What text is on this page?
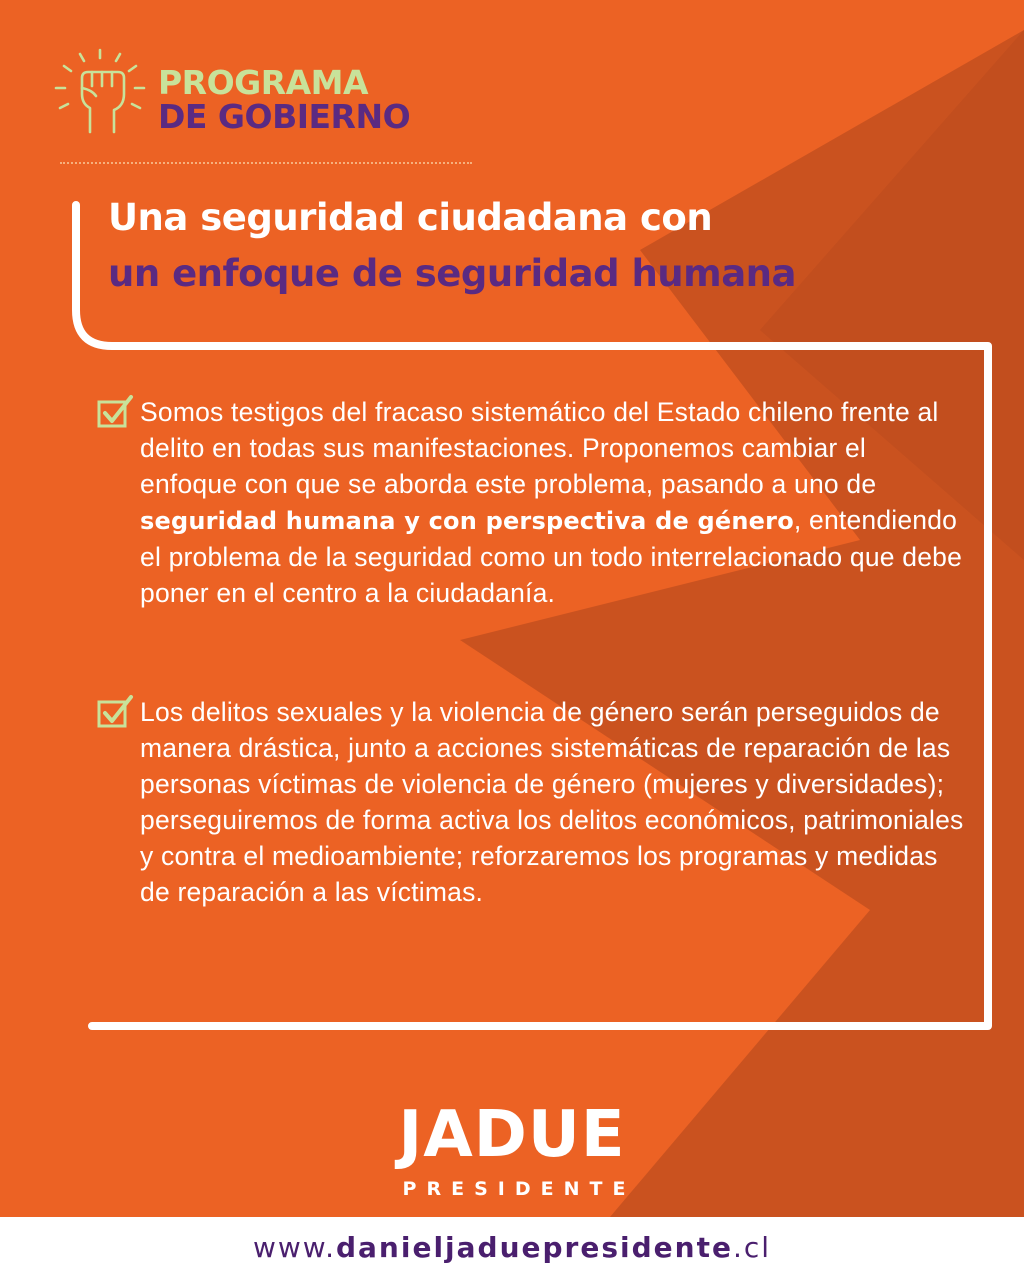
PROGRAMA
DE GOBIERNO
Una seguridad ciudadana con
un enfoque de seguridad humana

Somos testigos del fracaso sistemático del Estado chileno frente al delito en todas sus manifestaciones. Proponemos cambiar el enfoque con que se aborda este problema, pasando a uno de seguridad humana y con perspectiva de género, entendiendo el problema de la seguridad como un todo interrelacionado que debe poner en el centro a la ciudadanía.

Los delitos sexuales y la violencia de género serán perseguidos de manera drástica, junto a acciones sistemáticas de reparación de las personas víctimas de violencia de género (mujeres y diversidades); perseguiremos de forma activa los delitos económicos, patrimoniales y contra el medioambiente; reforzaremos los programas y medidas de reparación a las víctimas.

JADUE
PRESIDENTE
www.danieljaduepresidente.cl
